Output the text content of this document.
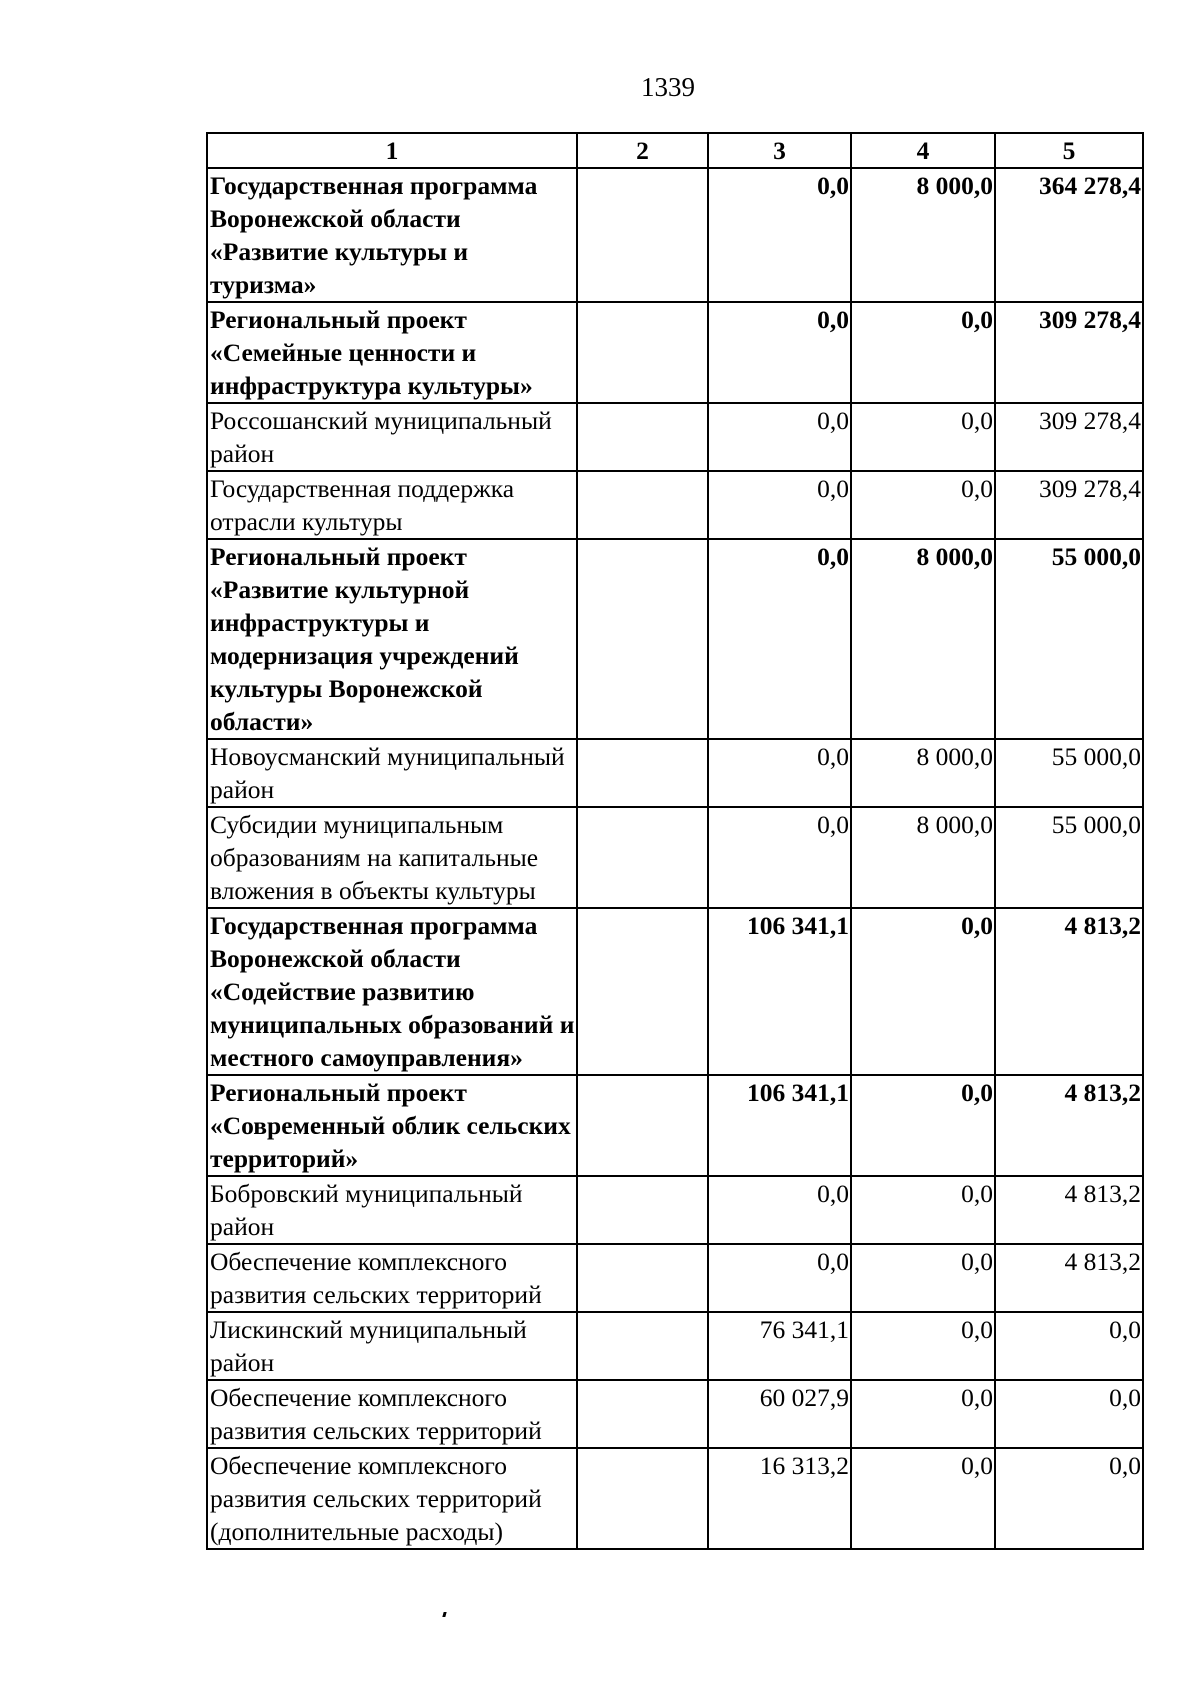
1339
1	2	3	4	5
Государственная программа Воронежской области «Развитие культуры и туризма»		0,0	8 000,0	364 278,4
Региональный проект «Семейные ценности и инфраструктура культуры»		0,0	0,0	309 278,4
Россошанский муниципальный район		0,0	0,0	309 278,4
Государственная поддержка отрасли культуры		0,0	0,0	309 278,4
Региональный проект «Развитие культурной инфраструктуры и модернизация учреждений культуры Воронежской области»		0,0	8 000,0	55 000,0
Новоусманский муниципальный район		0,0	8 000,0	55 000,0
Субсидии муниципальным образованиям на капитальные вложения в объекты культуры		0,0	8 000,0	55 000,0
Государственная программа Воронежской области «Содействие развитию муниципальных образований и местного самоуправления»		106 341,1	0,0	4 813,2
Региональный проект «Современный облик сельских территорий»		106 341,1	0,0	4 813,2
Бобровский муниципальный район		0,0	0,0	4 813,2
Обеспечение комплексного развития сельских территорий		0,0	0,0	4 813,2
Лискинский муниципальный район		76 341,1	0,0	0,0
Обеспечение комплексного развития сельских территорий		60 027,9	0,0	0,0
Обеспечение комплексного развития сельских территорий (дополнительные расходы)		16 313,2	0,0	0,0
